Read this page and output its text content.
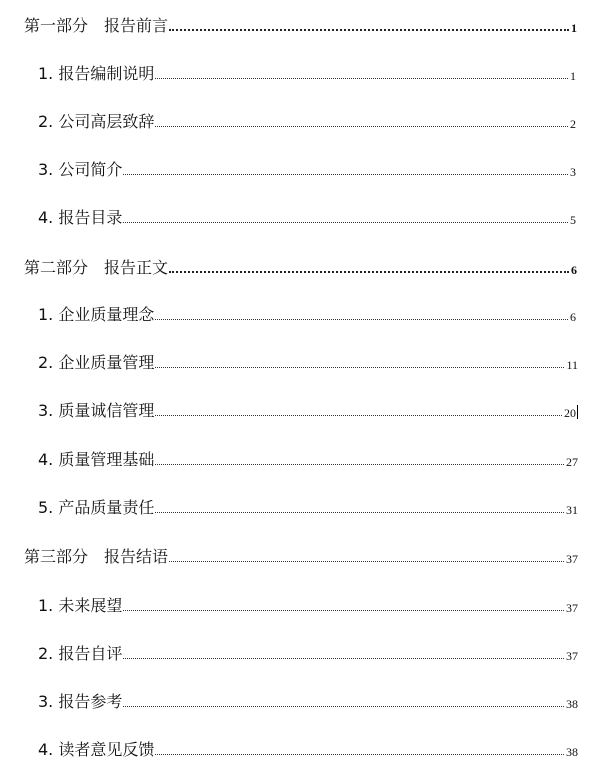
第一部分　报告前言	1
1. 报告编制说明	1
2. 公司高层致辞	2
3. 公司简介	3
4. 报告目录	5
第二部分　报告正文	6
1. 企业质量理念	6
2. 企业质量管理	11
3. 质量诚信管理	20
4. 质量管理基础	27
5. 产品质量责任	31
第三部分　报告结语	37
1. 未来展望	37
2. 报告自评	37
3. 报告参考	38
4. 读者意见反馈	38
